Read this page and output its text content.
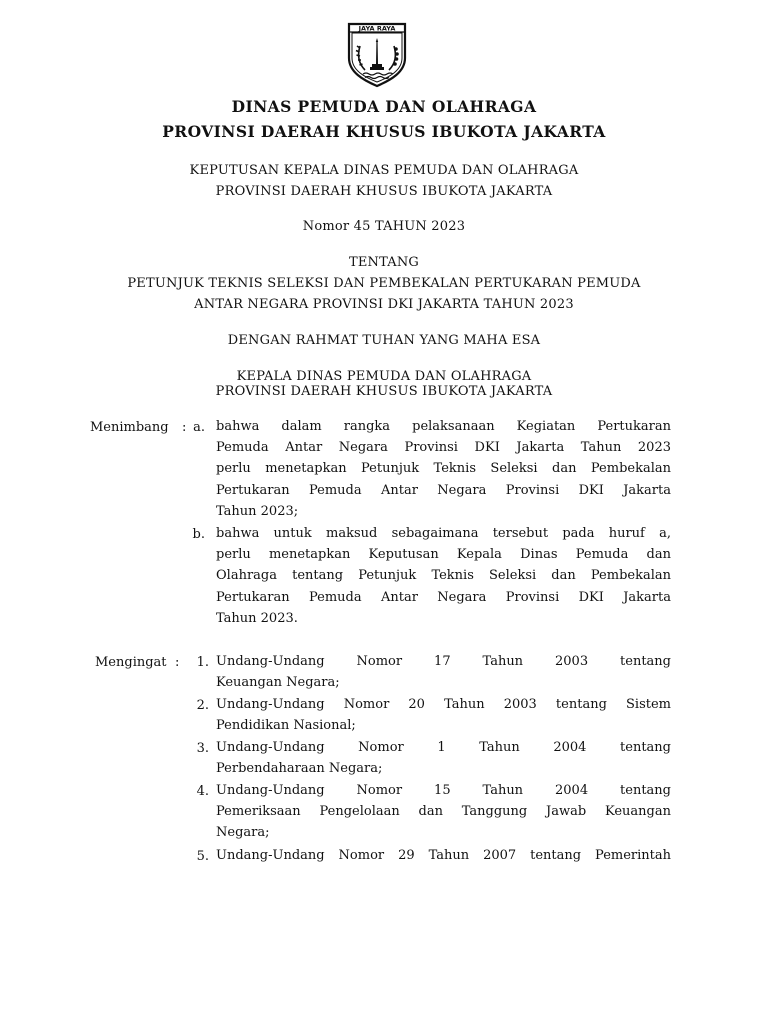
JAYA RAYA
DINAS PEMUDA DAN OLAHRAGA
PROVINSI DAERAH KHUSUS IBUKOTA JAKARTA
KEPUTUSAN KEPALA DINAS PEMUDA DAN OLAHRAGA
PROVINSI DAERAH KHUSUS IBUKOTA JAKARTA
Nomor 45 TAHUN 2023
TENTANG
PETUNJUK TEKNIS SELEKSI DAN PEMBEKALAN PERTUKARAN PEMUDA
ANTAR NEGARA PROVINSI DKI JAKARTA TAHUN 2023
DENGAN RAHMAT TUHAN YANG MAHA ESA
KEPALA DINAS PEMUDA DAN OLAHRAGA
PROVINSI DAERAH KHUSUS IBUKOTA JAKARTA
Menimbang : a. bahwa dalam rangka pelaksanaan Kegiatan Pertukaran
Pemuda Antar Negara Provinsi DKI Jakarta Tahun 2023
perlu menetapkan Petunjuk Teknis Seleksi dan Pembekalan
Pertukaran Pemuda Antar Negara Provinsi DKI Jakarta
Tahun 2023;
b. bahwa untuk maksud sebagaimana tersebut pada huruf a,
perlu menetapkan Keputusan Kepala Dinas Pemuda dan
Olahraga tentang Petunjuk Teknis Seleksi dan Pembekalan
Pertukaran Pemuda Antar Negara Provinsi DKI Jakarta
Tahun 2023.
Mengingat :	1. Undang-Undang Nomor 17 Tahun 2003 tentang
Keuangan Negara;
2. Undang-Undang Nomor 20 Tahun 2003 tentang Sistem
Pendidikan Nasional;
3. Undang-Undang Nomor 1 Tahun 2004 tentang
Perbendaharaan Negara;
4. Undang-Undang Nomor 15 Tahun 2004 tentang
Pemeriksaan Pengelolaan dan Tanggung Jawab Keuangan
Negara;
5. Undang-Undang Nomor 29 Tahun 2007 tentang Pemerintah
